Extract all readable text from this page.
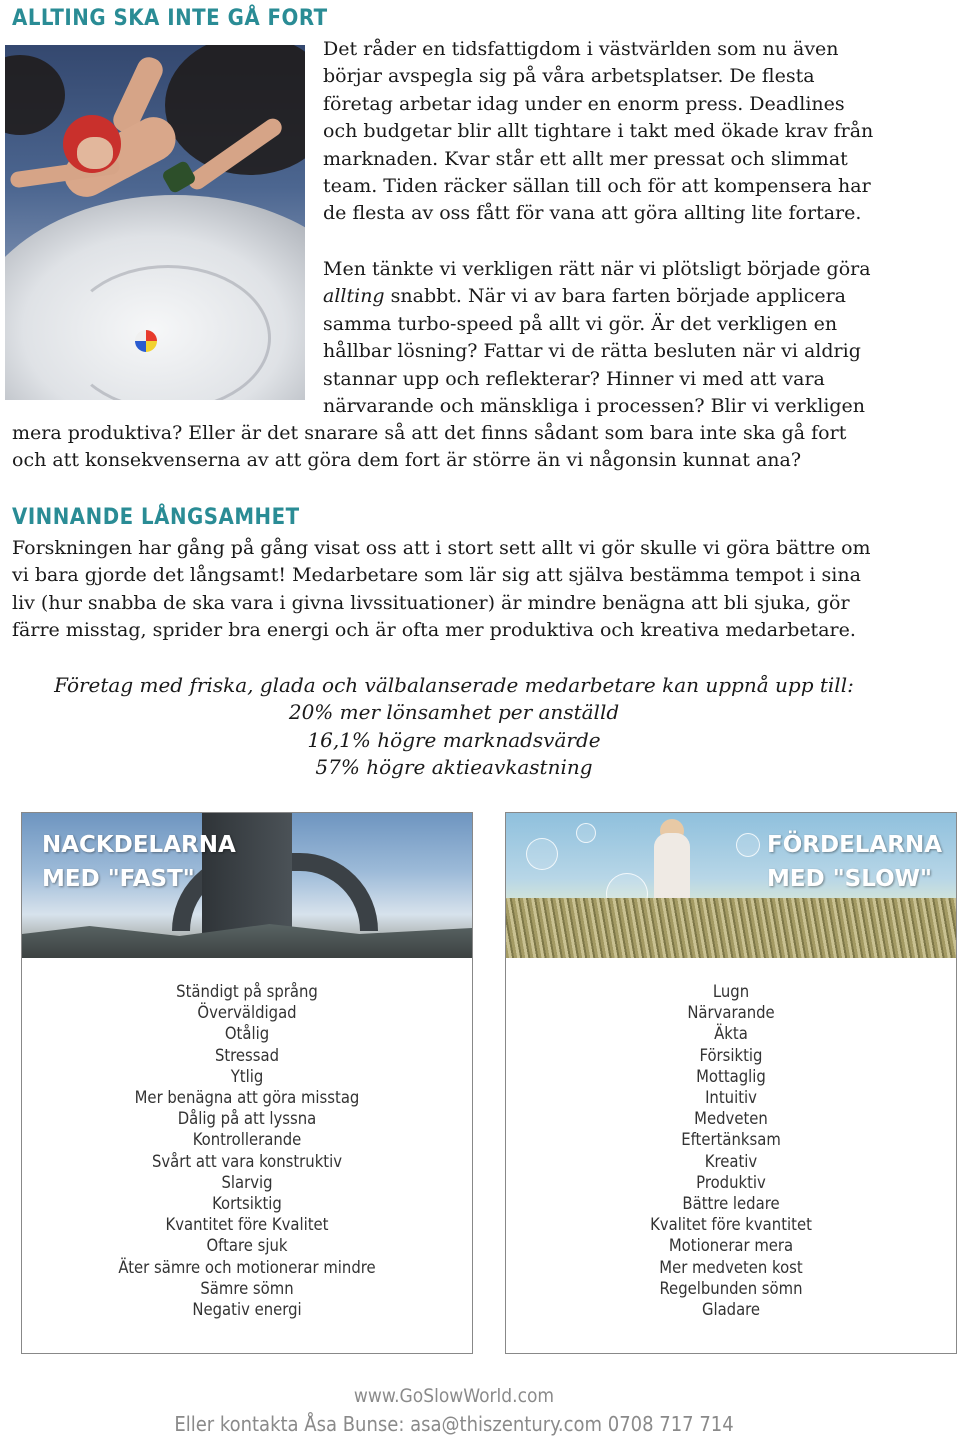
ALLTING SKA INTE GÅ FORT
Det råder en tidsfattigdom i västvärlden som nu även
börjar avspegla sig på våra arbetsplatser. De flesta
företag arbetar idag under en enorm press. Deadlines
och budgetar blir allt tightare i takt med ökade krav från
marknaden. Kvar står ett allt mer pressat och slimmat
team. Tiden räcker sällan till och för att kompensera har
de flesta av oss fått för vana att göra allting lite fortare.
Men tänkte vi verkligen rätt när vi plötsligt började göra
allting snabbt. När vi av bara farten började applicera
samma turbo-speed på allt vi gör. Är det verkligen en
hållbar lösning? Fattar vi de rätta besluten när vi aldrig
stannar upp och reflekterar? Hinner vi med att vara
närvarande och mänskliga i processen? Blir vi verkligen
mera produktiva? Eller är det snarare så att det finns sådant som bara inte ska gå fort
och att konsekvenserna av att göra dem fort är större än vi någonsin kunnat ana?
VINNANDE LÅNGSAMHET
Forskningen har gång på gång visat oss att i stort sett allt vi gör skulle vi göra bättre om
vi bara gjorde det långsamt! Medarbetare som lär sig att själva bestämma tempot i sina
liv (hur snabba de ska vara i givna livssituationer) är mindre benägna att bli sjuka, gör
färre misstag, sprider bra energi och är ofta mer produktiva och kreativa medarbetare.
Företag med friska, glada och välbalanserade medarbetare kan uppnå upp till:
20% mer lönsamhet per anställd
16,1% högre marknadsvärde
57% högre aktieavkastning
NACKDELARNA
MED "FAST"
Ständigt på språng
Överväldigad
Otålig
Stressad
Ytlig
Mer benägna att göra misstag
Dålig på att lyssna
Kontrollerande
Svårt att vara konstruktiv
Slarvig
Kortsiktig
Kvantitet före Kvalitet
Oftare sjuk
Äter sämre och motionerar mindre
Sämre sömn
Negativ energi
FÖRDELARNA
MED "SLOW"
Lugn
Närvarande
Äkta
Försiktig
Mottaglig
Intuitiv
Medveten
Eftertänksam
Kreativ
Produktiv
Bättre ledare
Kvalitet före kvantitet
Motionerar mera
Mer medveten kost
Regelbunden sömn
Gladare
www.GoSlowWorld.com
Eller kontakta Åsa Bunse: asa@thiszentury.com 0708 717 714
